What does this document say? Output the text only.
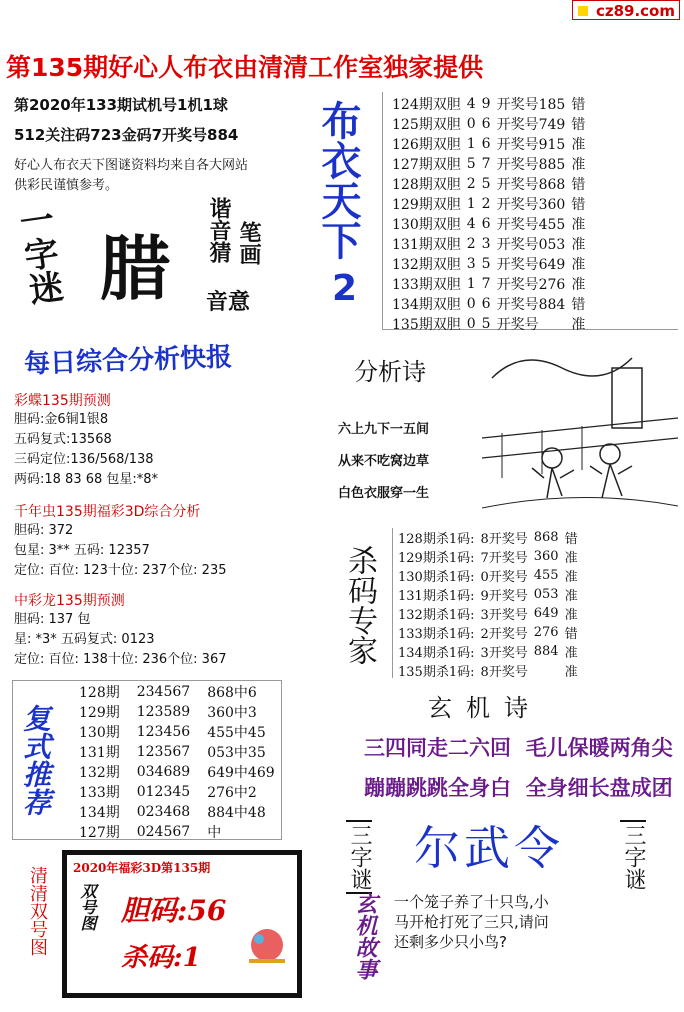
cz89.com
第135期好心人布衣由清清工作室独家提供
第2020年133期试机号1机1球
512关注码723金码7开奖号884
好心人布衣天下图谜资料均来自各大网站
供彩民谨慎参考。	布衣天下
2
一字迷 腊 谐音猜 笔画
音意
124期双胆	4	9	开奖号185	错
125期双胆	0	6	开奖号749	错
126期双胆	1	6	开奖号915	准
127期双胆	5	7	开奖号885	准
128期双胆	2	5	开奖号868	错
129期双胆	1	2	开奖号360	错
130期双胆	4	6	开奖号455	准
131期双胆	2	3	开奖号053	准
132期双胆	3	5	开奖号649	准
133期双胆	1	7	开奖号276	准
134期双胆	0	6	开奖号884	错
135期双胆	0	5	开奖号	准
每日综合分析快报
彩蝶135期预测
胆码:金6铜1银8
五码复式:13568
三码定位:136/568/138
两码:18 83 68 包星:*8*
千年虫135期福彩3D综合分析
胆码: 372
包星: 3** 五码: 12357
定位: 百位: 123十位: 237个位: 235
中彩龙135期预测
胆码: 137 包
星: *3* 五码复式: 0123
定位: 百位: 138十位: 236个位: 367
分析诗
六上九下一五间
从来不吃窝边草
白色衣服穿一生
杀码专家
128期杀1码:	8开奖号	868	错
129期杀1码:	7开奖号	360	准
130期杀1码:	0开奖号	455	准
131期杀1码:	9开奖号	053	准
132期杀1码:	3开奖号	649	准
133期杀1码:	2开奖号	276	错
134期杀1码:	3开奖号	884	准
135期杀1码:	8开奖号		准
复式推荐
128期	234567	868中6
129期	123589	360中3
130期	123456	455中45
131期	123567	053中35
132期	034689	649中469
133期	012345	276中2
134期	023468	884中48
127期	024567	中
玄机诗
三四同走二六回  毛儿保暖两角尖
蹦蹦跳跳全身白  全身细长盘成团
清清双号图 2020年福彩3D第135期
双号图 胆码:56
杀码:1
三字谜 尔武令	三字谜
玄机故事 一个笼子养了十只鸟,小
马开枪打死了三只,请问
还剩多少只小鸟?
